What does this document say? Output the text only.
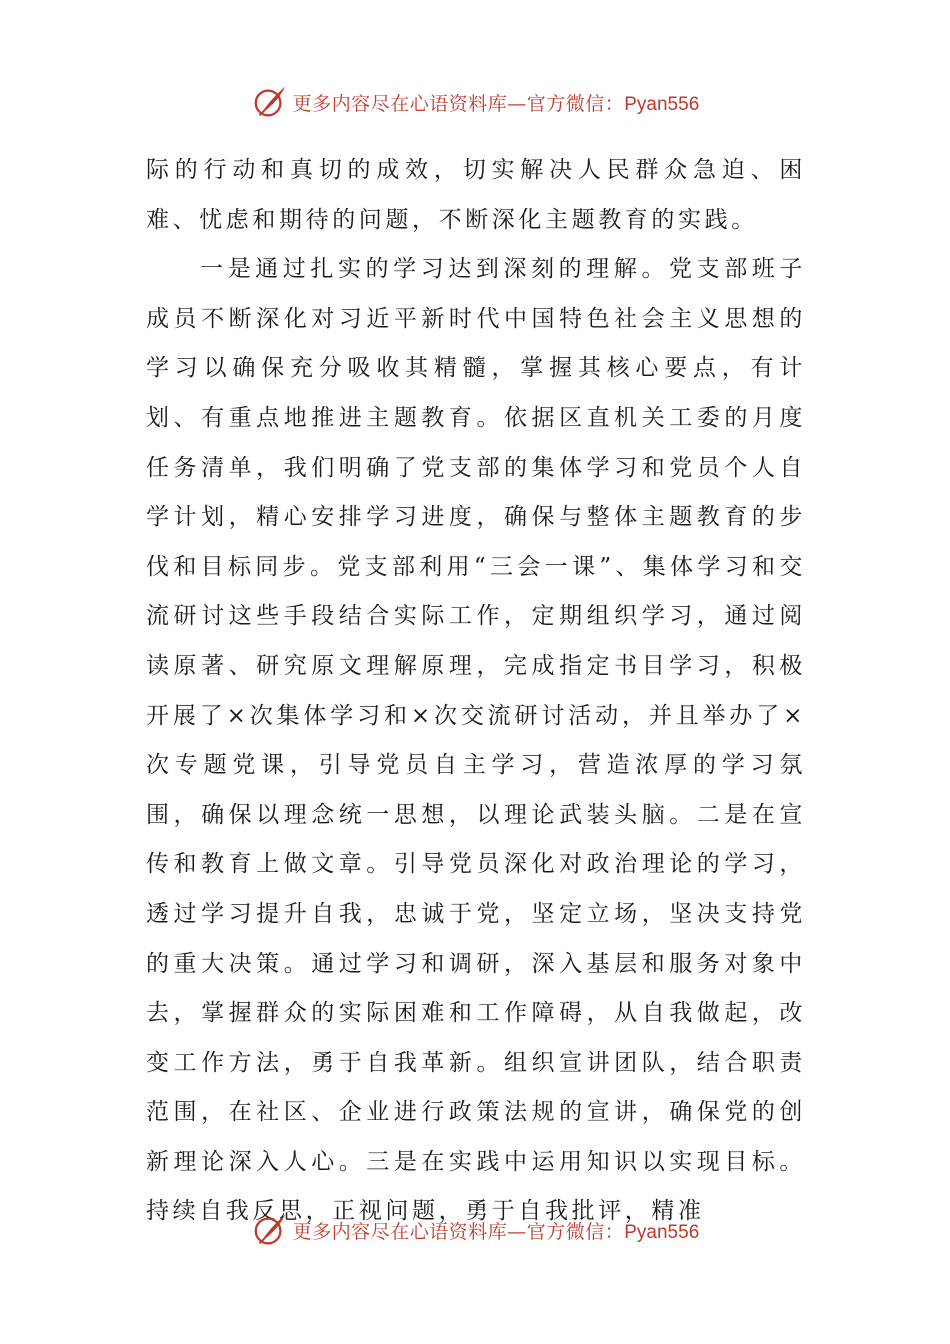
更多内容尽在心语资料库—官方微信：Pyan556

际的行动和真切的成效，切实解决人民群众急迫、困难、忧虑和期待的问题，不断深化主题教育的实践。

一是通过扎实的学习达到深刻的理解。党支部班子成员不断深化对习近平新时代中国特色社会主义思想的学习以确保充分吸收其精髓，掌握其核心要点，有计划、有重点地推进主题教育。依据区直机关工委的月度任务清单，我们明确了党支部的集体学习和党员个人自学计划，精心安排学习进度，确保与整体主题教育的步伐和目标同步。党支部利用“三会一课”、集体学习和交流研讨这些手段结合实际工作，定期组织学习，通过阅读原著、研究原文理解原理，完成指定书目学习，积极开展了×次集体学习和×次交流研讨活动，并且举办了×次专题党课，引导党员自主学习，营造浓厚的学习氛围，确保以理念统一思想，以理论武装头脑。二是在宣传和教育上做文章。引导党员深化对政治理论的学习，透过学习提升自我，忠诚于党，坚定立场，坚决支持党的重大决策。通过学习和调研，深入基层和服务对象中去，掌握群众的实际困难和工作障碍，从自我做起，改变工作方法，勇于自我革新。组织宣讲团队，结合职责范围，在社区、企业进行政策法规的宣讲，确保党的创新理论深入人心。三是在实践中运用知识以实现目标。持续自我反思，正视问题，勇于自我批评，精准

更多内容尽在心语资料库—官方微信：Pyan556
